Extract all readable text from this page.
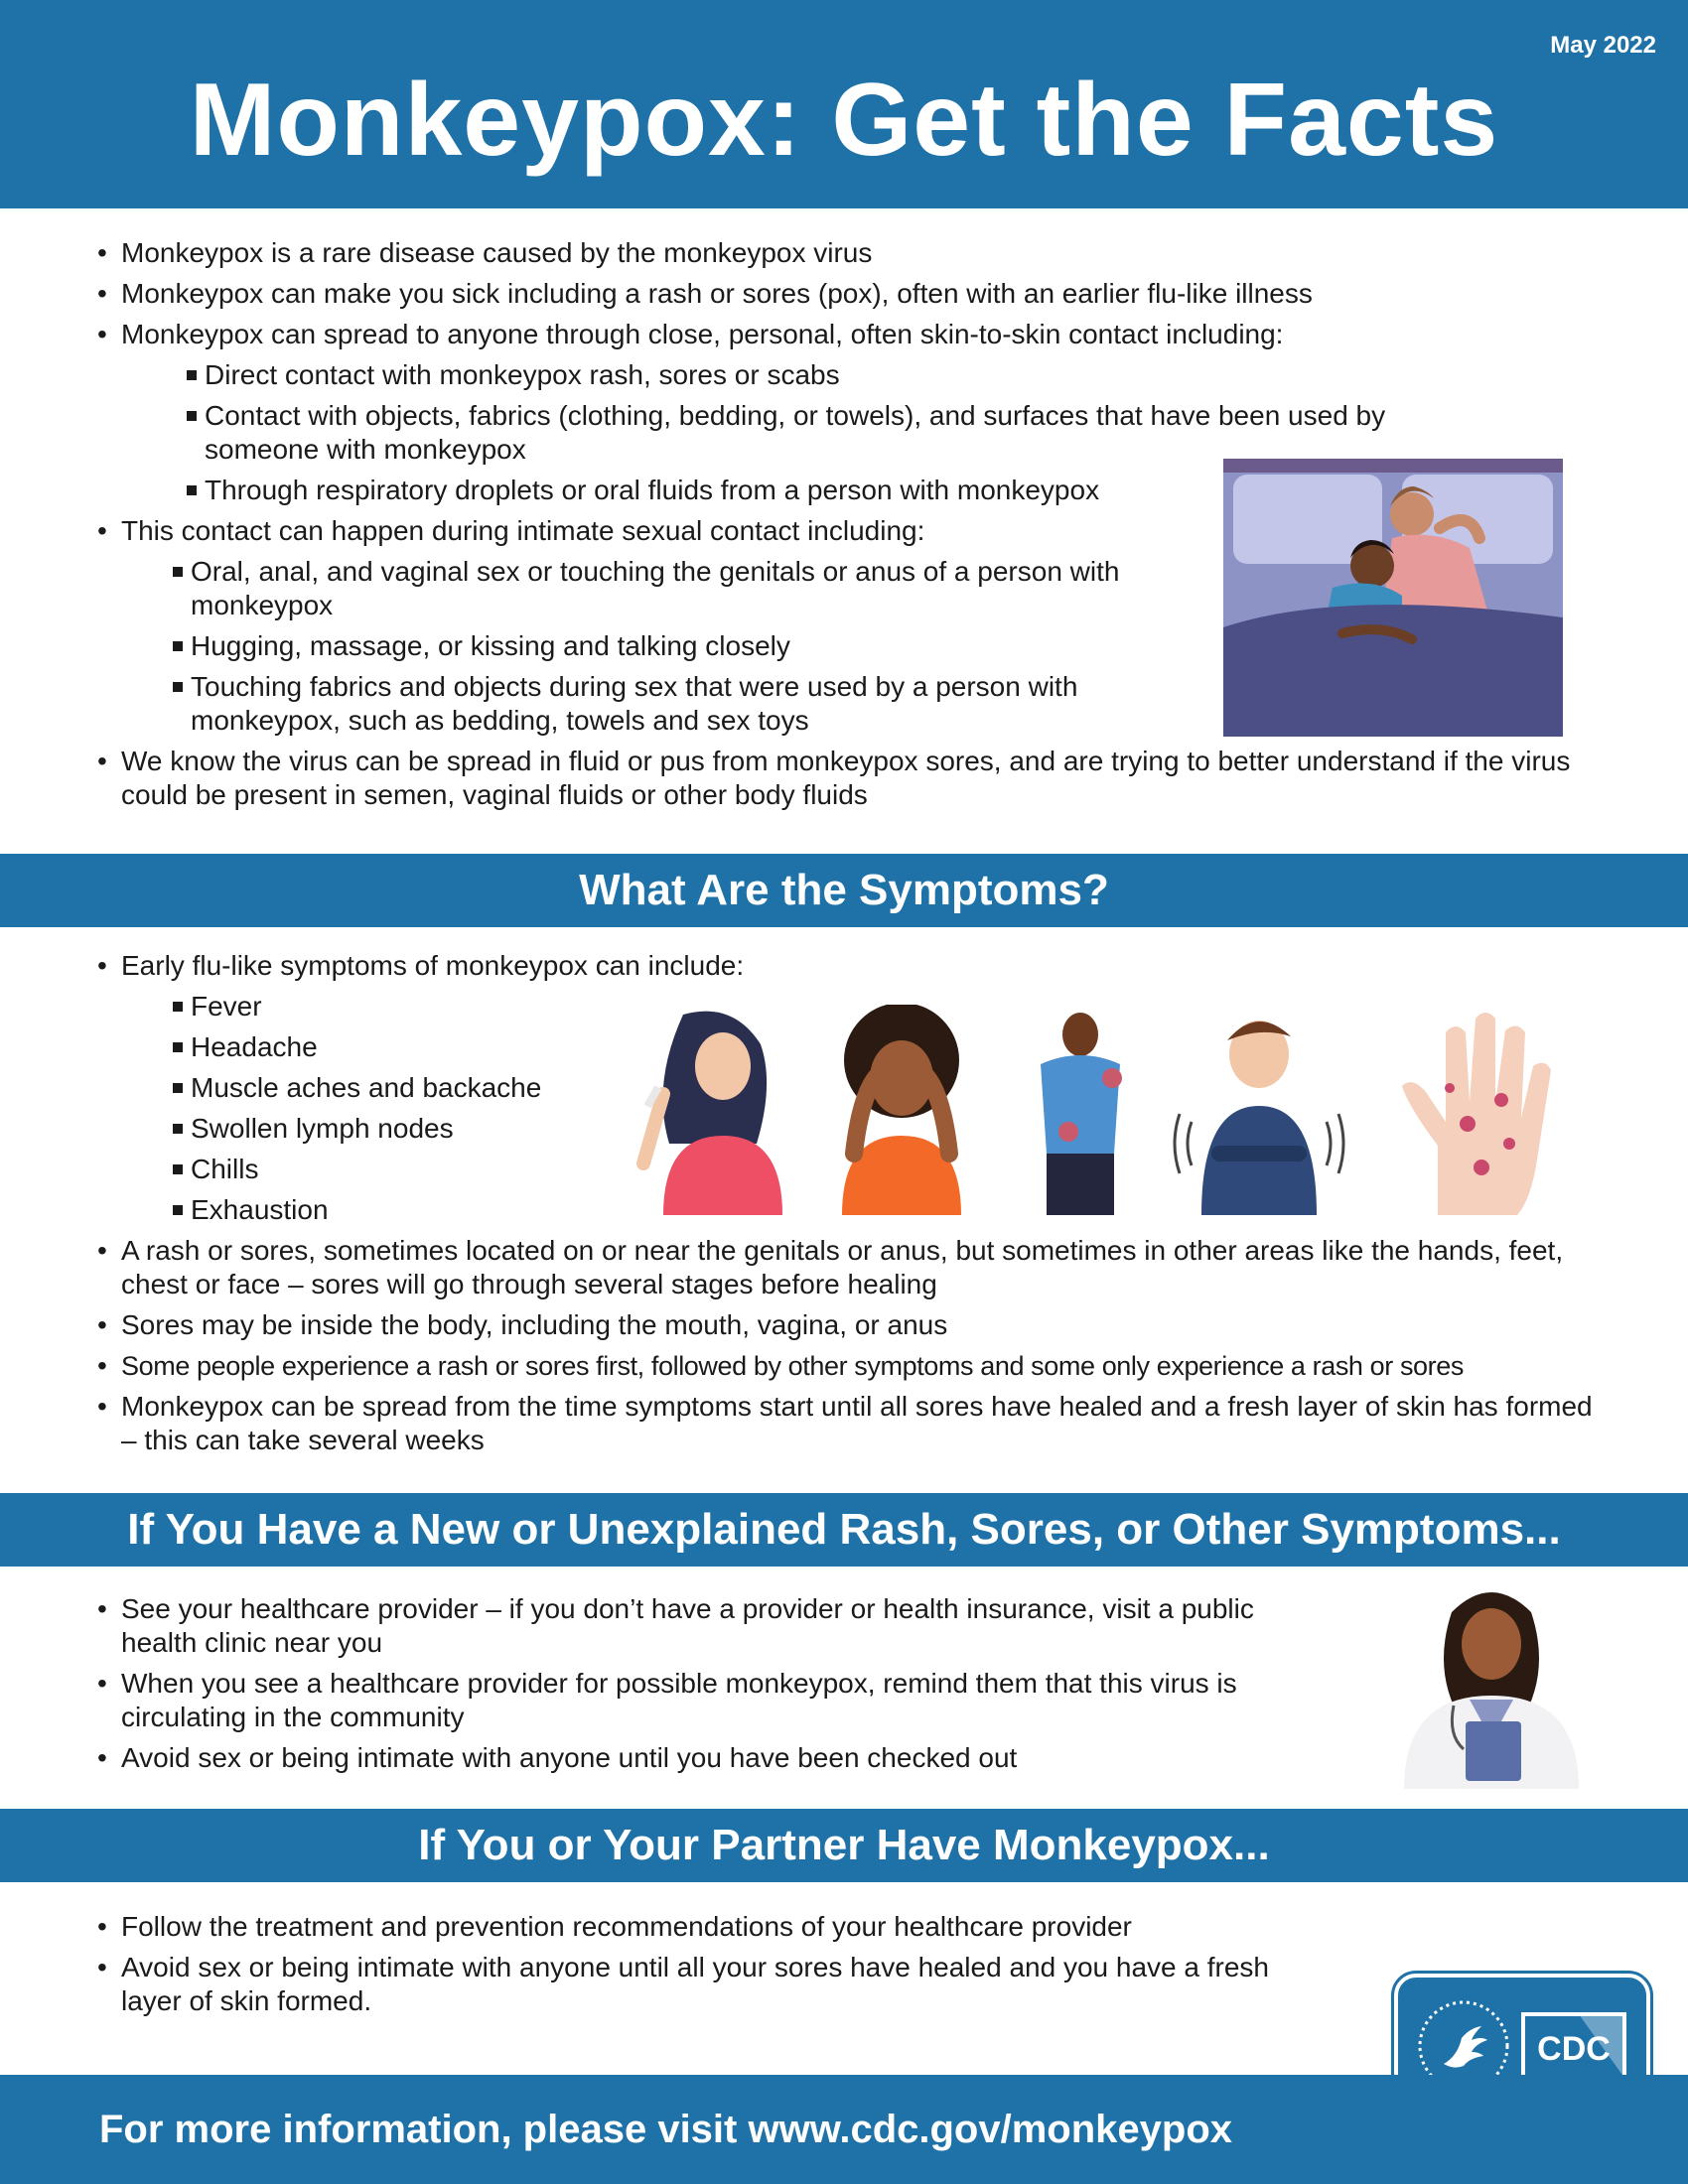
May 2022
Monkeypox: Get the Facts
• Monkeypox is a rare disease caused by the monkeypox virus
• Monkeypox can make you sick including a rash or sores (pox), often with an earlier flu-like illness
• Monkeypox can spread to anyone through close, personal, often skin-to-skin contact including:
Direct contact with monkeypox rash, sores or scabs
Contact with objects, fabrics (clothing, bedding, or towels), and surfaces that have been used by someone with monkeypox
Through respiratory droplets or oral fluids from a person with monkeypox
• This contact can happen during intimate sexual contact including:
Oral, anal, and vaginal sex or touching the genitals or anus of a person with monkeypox
Hugging, massage, or kissing and talking closely
Touching fabrics and objects during sex that were used by a person with monkeypox, such as bedding, towels and sex toys
• We know the virus can be spread in fluid or pus from monkeypox sores, and are trying to better understand if the virus could be present in semen, vaginal fluids or other body fluids
What Are the Symptoms?
• Early flu-like symptoms of monkeypox can include:
Fever
Headache
Muscle aches and backache
Swollen lymph nodes
Chills
Exhaustion
• A rash or sores, sometimes located on or near the genitals or anus, but sometimes in other areas like the hands, feet, chest or face – sores will go through several stages before healing
• Sores may be inside the body, including the mouth, vagina, or anus
• Some people experience a rash or sores first, followed by other symptoms and some only experience a rash or sores
• Monkeypox can be spread from the time symptoms start until all sores have healed and a fresh layer of skin has formed – this can take several weeks
If You Have a New or Unexplained Rash, Sores, or Other Symptoms...
• See your healthcare provider – if you don’t have a provider or health insurance, visit a public health clinic near you
• When you see a healthcare provider for possible monkeypox, remind them that this virus is circulating in the community
• Avoid sex or being intimate with anyone until you have been checked out
If You or Your Partner Have Monkeypox...
• Follow the treatment and prevention recommendations of your healthcare provider
• Avoid sex or being intimate with anyone until all your sores have healed and you have a fresh layer of skin formed.
CDC

For more information, please visit www.cdc.gov/monkeypox
